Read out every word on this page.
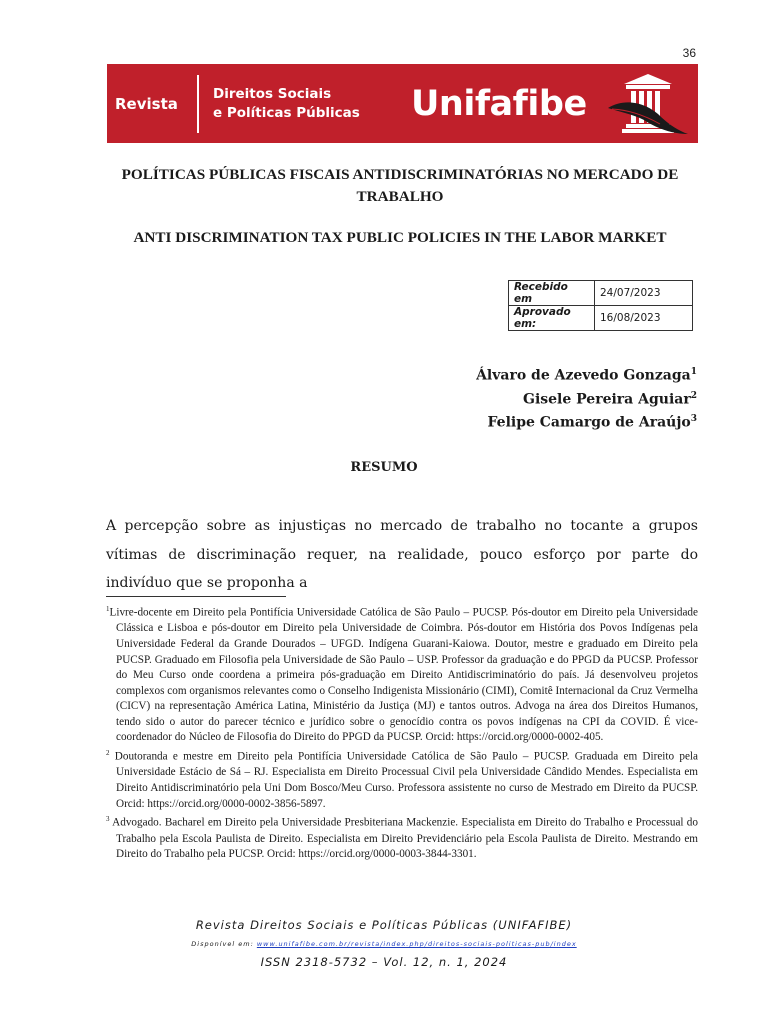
36
Revista
Direitos Sociais
e Políticas Públicas	Unifafibe
POLÍTICAS PÚBLICAS FISCAIS ANTIDISCRIMINATÓRIAS NO MERCADO DE TRABALHO
ANTI DISCRIMINATION TAX PUBLIC POLICIES IN THE LABOR MARKET
Recebido em	24/07/2023
Aprovado em:	16/08/2023
Álvaro de Azevedo Gonzaga$^1$
Gisele Pereira Aguiar$^2$
Felipe Camargo de Araújo$^3$
RESUMO

A percepção sobre as injustiças no mercado de trabalho no tocante a grupos vítimas de discriminação requer, na realidade, pouco esforço por parte do indivíduo que se proponha a

$^1$Livre-docente em Direito pela Pontifícia Universidade Católica de São Paulo – PUCSP. Pós-doutor em Direito pela Universidade Clássica e Lisboa e pós-doutor em Direito pela Universidade de Coimbra. Pós-doutor em História dos Povos Indígenas pela Universidade Federal da Grande Dourados – UFGD. Indígena Guarani-Kaiowa. Doutor, mestre e graduado em Direito pela PUCSP. Graduado em Filosofia pela Universidade de São Paulo – USP. Professor da graduação e do PPGD da PUCSP. Professor do Meu Curso onde coordena a primeira pós-graduação em Direito Antidiscriminatório do país. Já desenvolveu projetos complexos com organismos relevantes como o Conselho Indigenista Missionário (CIMI), Comitê Internacional da Cruz Vermelha (CICV) na representação América Latina, Ministério da Justiça (MJ) e tantos outros. Advoga na área dos Direitos Humanos, tendo sido o autor do parecer técnico e jurídico sobre o genocídio contra os povos indígenas na CPI da COVID. É vice-coordenador do Núcleo de Filosofia do Direito do PPGD da PUCSP. Orcid: https://orcid.org/0000-0002-405.

$^2$ Doutoranda e mestre em Direito pela Pontifícia Universidade Católica de São Paulo – PUCSP. Graduada em Direito pela Universidade Estácio de Sá – RJ. Especialista em Direito Processual Civil pela Universidade Cândido Mendes. Especialista em Direito Antidiscriminatório pela Uni Dom Bosco/Meu Curso. Professora assistente no curso de Mestrado em Direito da PUCSP. Orcid: https://orcid.org/0000-0002-3856-5897.

$^3$ Advogado. Bacharel em Direito pela Universidade Presbiteriana Mackenzie. Especialista em Direito do Trabalho e Processual do Trabalho pela Escola Paulista de Direito. Especialista em Direito Previdenciário pela Escola Paulista de Direito. Mestrando em Direito do Trabalho pela PUCSP. Orcid: https://orcid.org/0000-0003-3844-3301.

Revista Direitos Sociais e Políticas Públicas (UNIFAFIBE)
Disponível em: www.unifafibe.com.br/revista/index.php/direitos-sociais-politicas-pub/index
ISSN 2318-5732 – Vol. 12, n. 1, 2024
